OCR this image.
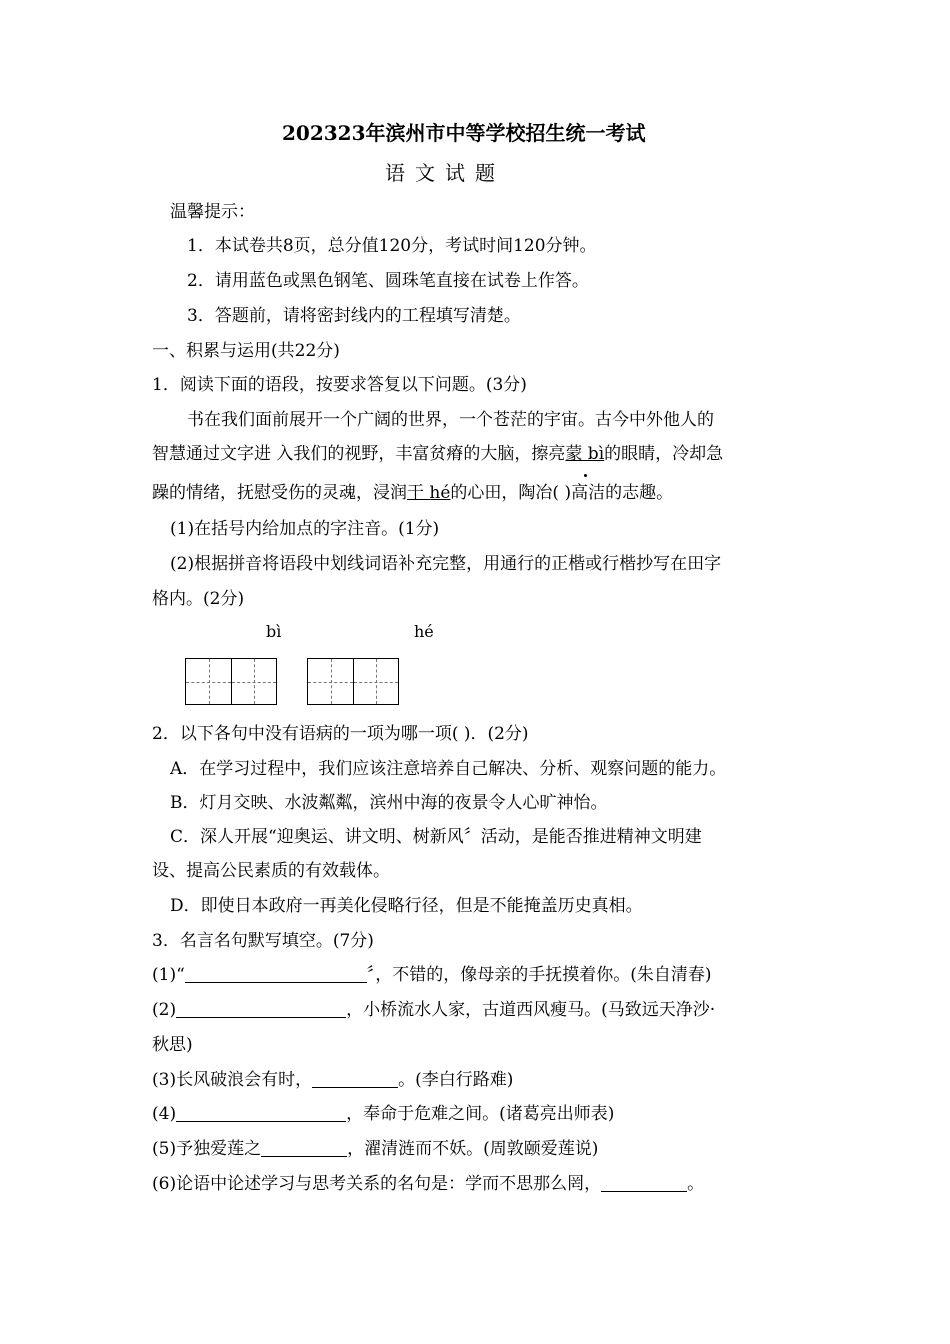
202323年滨州市中等学校招生统一考试
语文试题
温馨提示：
1．本试卷共8页，总分值120分，考试时间120分钟。
2．请用蓝色或黑色钢笔、圆珠笔直接在试卷上作答。
3．答题前，请将密封线内的工程填写清楚。
一、积累与运用(共22分)
1．阅读下面的语段，按要求答复以下问题。(3分)
书在我们面前展开一个广阔的世界，一个苍茫的宇宙。古今中外他人的
智慧通过文字进 入我们的视野，丰富贫瘠的大脑，擦亮蒙 bì的眼睛，冷却急
躁的情绪，抚慰受伤的灵魂，浸润干 hé的心田，陶冶( )高洁的志趣。
(1)在括号内给加点的字注音。(1分)
(2)根据拼音将语段中划线词语补充完整，用通行的正楷或行楷抄写在田字
格内。(2分)
bì	hé
2．以下各句中没有语病的一项为哪一项( )．(2分)
A．在学习过程中，我们应该注意培养自己解决、分析、观察问题的能力。
B．灯月交映、水波粼粼，滨州中海的夜景令人心旷神怡。
C．深人开展“迎奥运、讲文明、树新风〞活动，是能否推进精神文明建
设、提高公民素质的有效载体。
D．即使日本政府一再美化侵略行径，但是不能掩盖历史真相。
3．名言名句默写填空。(7分)
(1)“	〞，不错的，像母亲的手抚摸着你。(朱自清春)
(2)	，小桥流水人家，古道西风瘦马。(马致远天净沙·
秋思)
(3)长风破浪会有时，	。(李白行路难)
(4)	，奉命于危难之间。(诸葛亮出师表)
(5)予独爱莲之	，濯清涟而不妖。(周敦颐爱莲说)
(6)论语中论述学习与思考关系的名句是：学而不思那么罔，	。
